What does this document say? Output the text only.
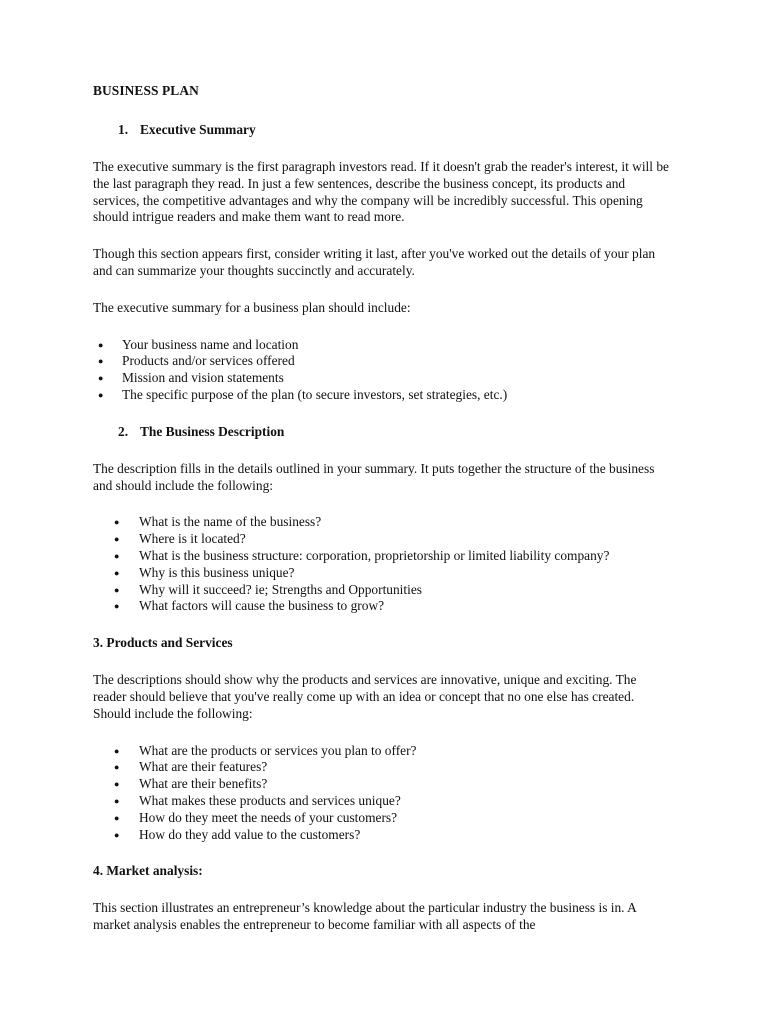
BUSINESS PLAN
1. Executive Summary

The executive summary is the first paragraph investors read. If it doesn't grab the reader's interest, it will be the last paragraph they read. In just a few sentences, describe the business concept, its products and services, the competitive advantages and why the company will be incredibly successful. This opening should intrigue readers and make them want to read more.

Though this section appears first, consider writing it last, after you've worked out the details of your plan and can summarize your thoughts succinctly and accurately.

The executive summary for a business plan should include:

● Your business name and location
● Products and/or services offered
● Mission and vision statements
● The specific purpose of the plan (to secure investors, set strategies, etc.)
2. The Business Description

The description fills in the details outlined in your summary. It puts together the structure of the business and should include the following:

● What is the name of the business?
● Where is it located?
● What is the business structure: corporation, proprietorship or limited liability company?
● Why is this business unique?
● Why will it succeed? ie; Strengths and Opportunities
● What factors will cause the business to grow?
3. Products and Services

The descriptions should show why the products and services are innovative, unique and exciting. The reader should believe that you've really come up with an idea or concept that no one else has created. Should include the following:

● What are the products or services you plan to offer?
● What are their features?
● What are their benefits?
● What makes these products and services unique?
● How do they meet the needs of your customers?
● How do they add value to the customers?
4. Market analysis:

This section illustrates an entrepreneur’s knowledge about the particular industry the business is in. A market analysis enables the entrepreneur to become familiar with all aspects of the
